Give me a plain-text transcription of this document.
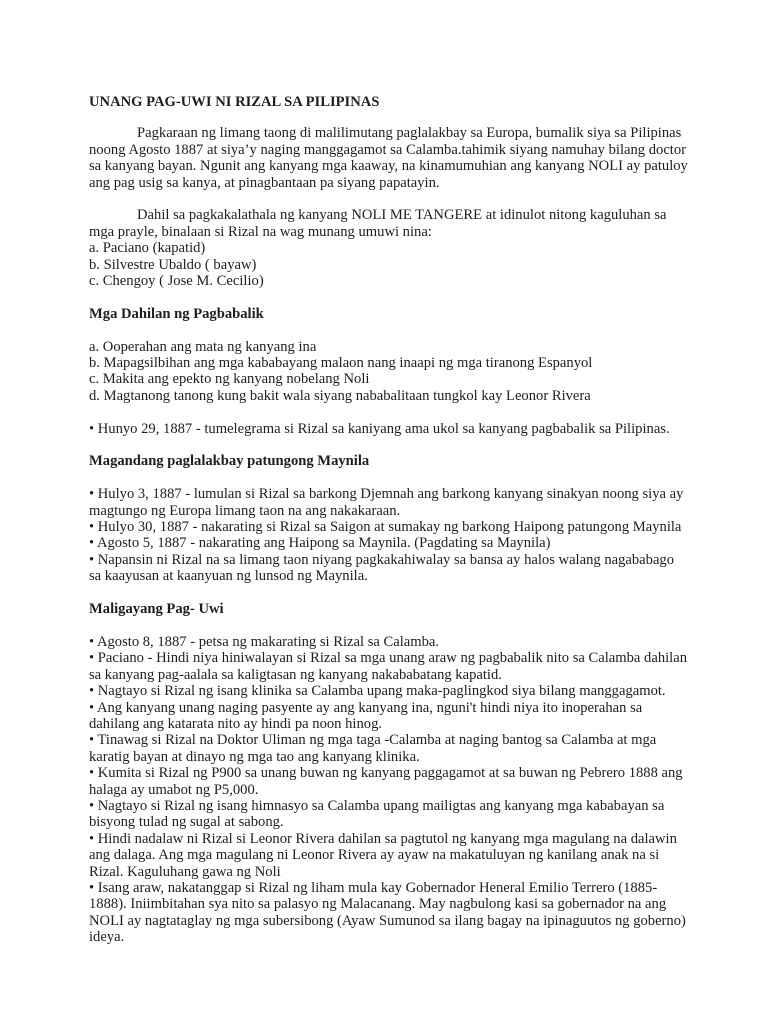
UNANG PAG-UWI NI RIZAL SA PILIPINAS

Pagkaraan ng limang taong di malilimutang paglalakbay sa Europa, bumalik siya sa Pilipinas noong Agosto 1887 at siya’y naging manggagamot sa Calamba.tahimik siyang namuhay bilang doctor sa kanyang bayan. Ngunit ang kanyang mga kaaway, na kinamumuhian ang kanyang NOLI ay patuloy ang pag usig sa kanya, at pinagbantaan pa siyang papatayin.

Dahil sa pagkakalathala ng kanyang NOLI ME TANGERE at idinulot nitong kaguluhan sa mga prayle, binalaan si Rizal na wag munang umuwi nina:

a. Paciano (kapatid)

b. Silvestre Ubaldo ( bayaw)

c. Chengoy ( Jose M. Cecilio)

Mga Dahilan ng Pagbabalik

a. Ooperahan ang mata ng kanyang ina

b. Mapagsilbihan ang mga kababayang malaon nang inaapi ng mga tiranong Espanyol

c. Makita ang epekto ng kanyang nobelang Noli

d. Magtanong tanong kung bakit wala siyang nababalitaan tungkol kay Leonor Rivera

• Hunyo 29, 1887 - tumelegrama si Rizal sa kaniyang ama ukol sa kanyang pagbabalik sa Pilipinas.

Magandang paglalakbay patungong Maynila

• Hulyo 3, 1887 - lumulan si Rizal sa barkong Djemnah ang barkong kanyang sinakyan noong siya ay magtungo ng Europa limang taon na ang nakakaraan.

• Hulyo 30, 1887 - nakarating si Rizal sa Saigon at sumakay ng barkong Haipong patungong Maynila

• Agosto 5, 1887 - nakarating ang Haipong sa Maynila. (Pagdating sa Maynila)

• Napansin ni Rizal na sa limang taon niyang pagkakahiwalay sa bansa ay halos walang nagababago sa kaayusan at kaanyuan ng lunsod ng Maynila.

Maligayang Pag- Uwi

• Agosto 8, 1887 - petsa ng makarating si Rizal sa Calamba.

• Paciano - Hindi niya hiniwalayan si Rizal sa mga unang araw ng pagbabalik nito sa Calamba dahilan sa kanyang pag-aalala sa kaligtasan ng kanyang nakababatang kapatid.

• Nagtayo si Rizal ng isang klinika sa Calamba upang maka-paglingkod siya bilang manggagamot.

• Ang kanyang unang naging pasyente ay ang kanyang ina, nguni't hindi niya ito inoperahan sa dahilang ang katarata nito ay hindi pa noon hinog.

• Tinawag si Rizal na Doktor Uliman ng mga taga -Calamba at naging bantog sa Calamba at mga karatig bayan at dinayo ng mga tao ang kanyang klinika.

• Kumita si Rizal ng P900 sa unang buwan ng kanyang paggagamot at sa buwan ng Pebrero 1888 ang halaga ay umabot ng P5,000.

• Nagtayo si Rizal ng isang himnasyo sa Calamba upang mailigtas ang kanyang mga kababayan sa bisyong tulad ng sugal at sabong.

• Hindi nadalaw ni Rizal si Leonor Rivera dahilan sa pagtutol ng kanyang mga magulang na dalawin ang dalaga. Ang mga magulang ni Leonor Rivera ay ayaw na makatuluyan ng kanilang anak na si Rizal. Kaguluhang gawa ng Noli

• Isang araw, nakatanggap si Rizal ng liham mula kay Gobernador Heneral Emilio Terrero (1885- 1888). Iniimbitahan sya nito sa palasyo ng Malacanang. May nagbulong kasi sa gobernador na ang NOLI ay nagtataglay ng mga subersibong (Ayaw Sumunod sa ilang bagay na ipinaguutos ng goberno) ideya.
